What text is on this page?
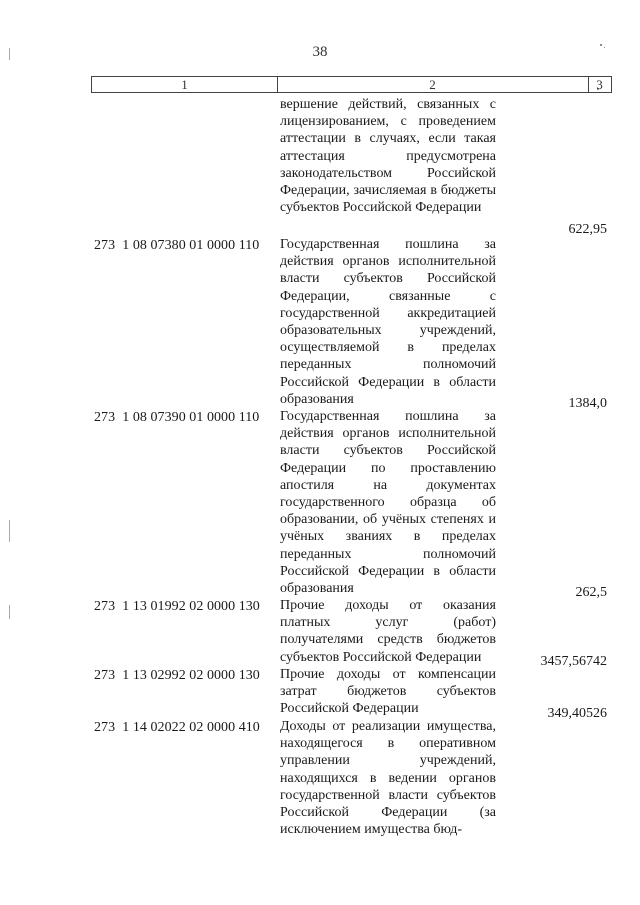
38
1	2	3
вершение действий, связанных с лицензированием, с проведением аттестации в случаях, если такая аттестация предусмотрена законодательством Российской Федерации, зачисляемая в бюджеты субъектов Российской Федерации
622,95
273  1 08 07380 01 0000 110 Государственная пошлина за действия органов исполнительной власти субъектов Российской Федерации, связанные с государственной аккредитацией образовательных учреждений, осуществляемой в пределах переданных полномочий Российской Федерации в области образования	1384,0
273  1 08 07390 01 0000 110 Государственная пошлина за действия органов исполнительной власти субъектов Российской Федерации по проставлению апостиля на документах государственного образца об образовании, об учёных степенях и учёных званиях в пределах переданных полномочий Российской Федерации в области образования	262,5
273  1 13 01992 02 0000 130 Прочие доходы от оказания платных услуг (работ) получателями средств бюджетов субъектов Российской Федерации	3457,56742
273  1 13 02992 02 0000 130 Прочие доходы от компенсации затрат бюджетов субъектов Российской Федерации	349,40526
273  1 14 02022 02 0000 410 Доходы от реализации имущества, находящегося в оперативном управлении учреждений, находящихся в ведении органов государственной власти субъектов Российской Федерации (за исключением имущества бюд-
